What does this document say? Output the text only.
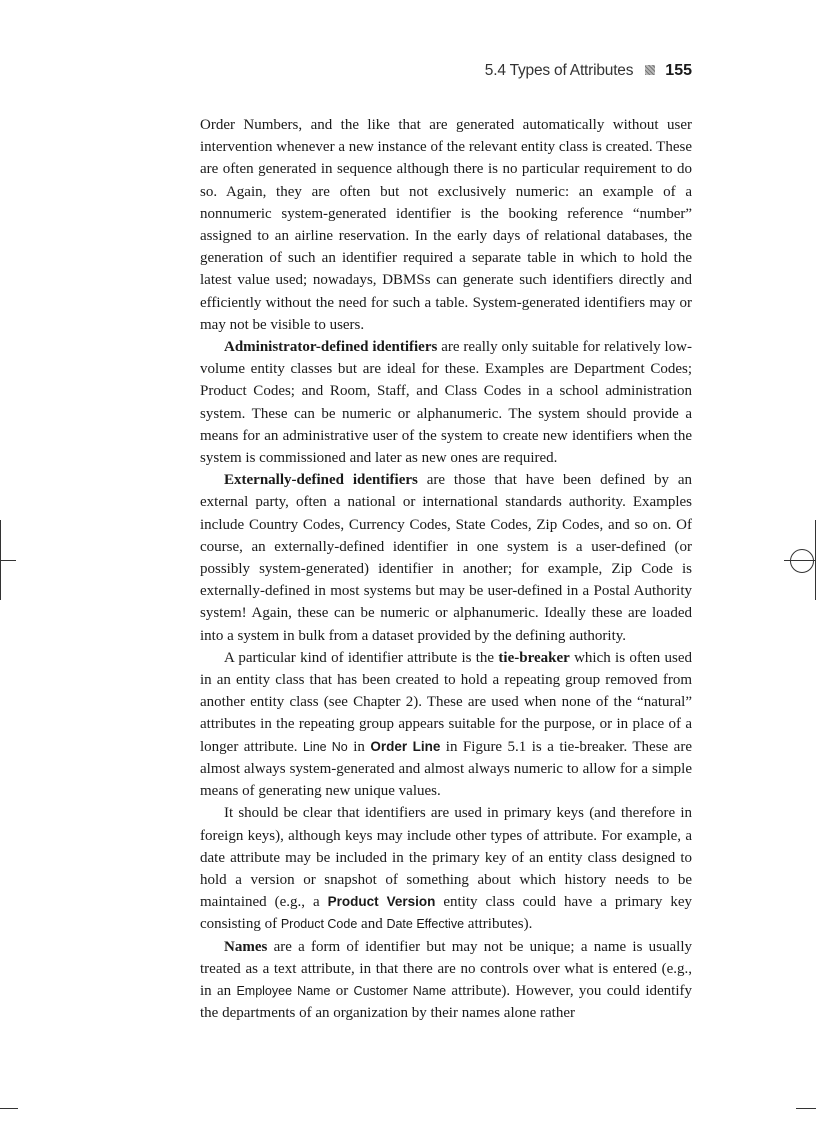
5.4 Types of Attributes 155

Order Numbers, and the like that are generated automatically without user intervention whenever a new instance of the relevant entity class is created. These are often generated in sequence although there is no particular requirement to do so. Again, they are often but not exclusively numeric: an example of a nonnumeric system-generated identifier is the booking reference “number” assigned to an airline reservation. In the early days of relational databases, the generation of such an identifier required a separate table in which to hold the latest value used; nowadays, DBMSs can generate such identifiers directly and efficiently without the need for such a table. System-generated identifiers may or may not be visible to users.

Administrator-defined identifiers are really only suitable for relatively low-volume entity classes but are ideal for these. Examples are Department Codes; Product Codes; and Room, Staff, and Class Codes in a school administration system. These can be numeric or alphanumeric. The system should provide a means for an administrative user of the system to create new identifiers when the system is commissioned and later as new ones are required.

Externally-defined identifiers are those that have been defined by an external party, often a national or international standards authority. Examples include Country Codes, Currency Codes, State Codes, Zip Codes, and so on. Of course, an externally-defined identifier in one system is a user-defined (or possibly system-generated) identifier in another; for example, Zip Code is externally-defined in most systems but may be user-defined in a Postal Authority system! Again, these can be numeric or alphanumeric. Ideally these are loaded into a system in bulk from a dataset provided by the defining authority.

A particular kind of identifier attribute is the tie-breaker which is often used in an entity class that has been created to hold a repeating group removed from another entity class (see Chapter 2). These are used when none of the “natural” attributes in the repeating group appears suitable for the purpose, or in place of a longer attribute. Line No in Order Line in Figure 5.1 is a tie-breaker. These are almost always system-generated and almost always numeric to allow for a simple means of generating new unique values.

It should be clear that identifiers are used in primary keys (and therefore in foreign keys), although keys may include other types of attribute. For example, a date attribute may be included in the primary key of an entity class designed to hold a version or snapshot of something about which history needs to be maintained (e.g., a Product Version entity class could have a primary key consisting of Product Code and Date Effective attributes).

Names are a form of identifier but may not be unique; a name is usually treated as a text attribute, in that there are no controls over what is entered (e.g., in an Employee Name or Customer Name attribute). However, you could identify the departments of an organization by their names alone rather
